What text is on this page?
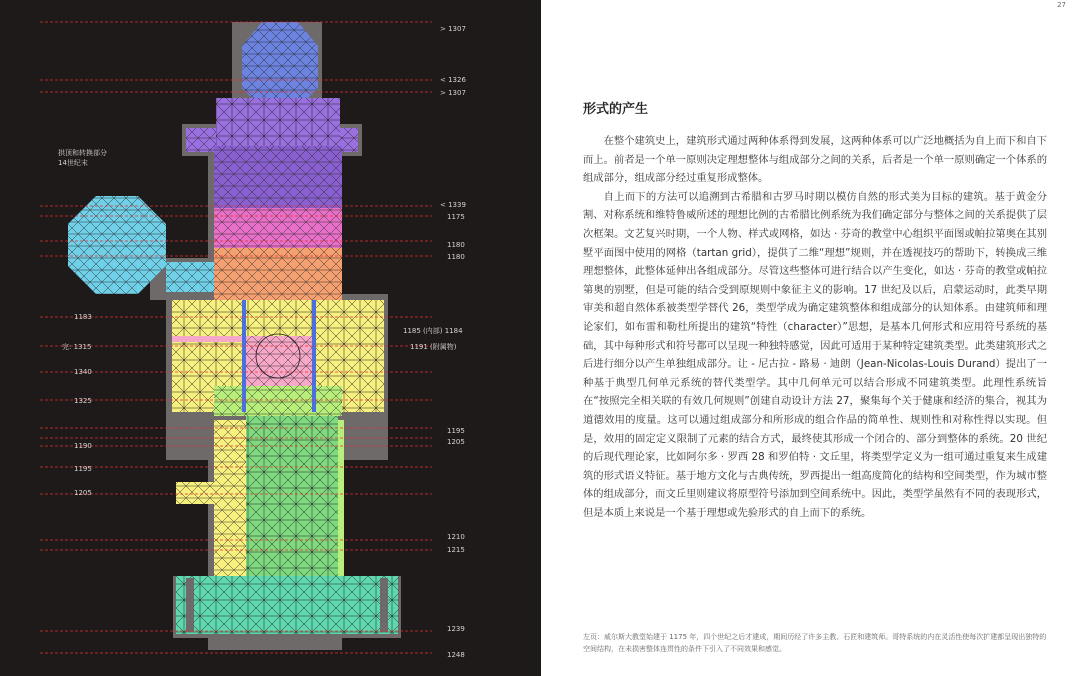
拱顶和转换部分 14世纪末
> 1307
< 1326
> 1307
< 1339
1175
1180
1180
1185 (内部) 1184
1191 (附属物)
1195
1205
1210
1215
1239
1248
1183
完: 1315
1340
1325
1190
1195
1205
27
形式的产生

在整个建筑史上，建筑形式通过两种体系得到发展，这两种体系可以广泛地概括为自上而下和自下而上。前者是一个单一原则决定理想整体与组成部分之间的关系，后者是一个单一原则确定一个体系的组成部分，组成部分经过重复形成整体。

自上而下的方法可以追溯到古希腊和古罗马时期以模仿自然的形式美为目标的建筑。基于黄金分割、对称系统和维特鲁威所述的理想比例的古希腊比例系统为我们确定部分与整体之间的关系提供了层次框架。文艺复兴时期，一个人物、样式或网格，如达 · 芬奇的教堂中心组织平面图或帕拉第奥在其别墅平面图中使用的网格（tartan grid），提供了二维“理想”规则，并在透视技巧的帮助下，转换成三维理想整体，此整体延伸出各组成部分。尽管这些整体可进行结合以产生变化，如达 · 芬奇的教堂或帕拉第奥的别墅，但是可能的结合受到原规则中象征主义的影响。17 世纪及以后，启蒙运动时，此类早期审美和超自然体系被类型学替代 26，类型学成为确定建筑整体和组成部分的认知体系。由建筑师和理论家们，如布雷和勒杜所提出的建筑“特性（character）”思想，是基本几何形式和应用符号系统的基础，其中每种形式和符号都可以呈现一种独特感觉，因此可适用于某种特定建筑类型。此类建筑形式之后进行细分以产生单独组成部分。让 - 尼古拉 - 路易 · 迪朗（Jean-Nicolas-Louis Durand）提出了一种基于典型几何单元系统的替代类型学。其中几何单元可以结合形成不同建筑类型。此理性系统旨在“按照完全相关联的有效几何规则”创建自动设计方法 27，聚集每个关于健康和经济的集合，视其为道德效用的度量。这可以通过组成部分和所形成的组合作品的简单性、规则性和对称性得以实现。但是，效用的固定定义限制了元素的结合方式，最终使其形成一个闭合的、部分到整体的系统。20 世纪的后现代理论家，比如阿尔多 · 罗西 28 和罗伯特 · 文丘里，将类型学定义为一组可通过重复来生成建筑的形式语义特征。基于地方文化与古典传统，罗西提出一组高度简化的结构和空间类型，作为城市整体的组成部分，而文丘里则建议将原型符号添加到空间系统中。因此，类型学虽然有不同的表现形式，但是本质上来说是一个基于理想或先验形式的自上而下的系统。

左页：威尔斯大教堂始建于 1175 年，四个世纪之后才建成，期间历经了许多主教、石匠和建筑师。哥特系统的内在灵活性使每次扩建都呈现出独特的空间结构，在未损害整体连贯性的条件下引入了不同效果和感觉。
